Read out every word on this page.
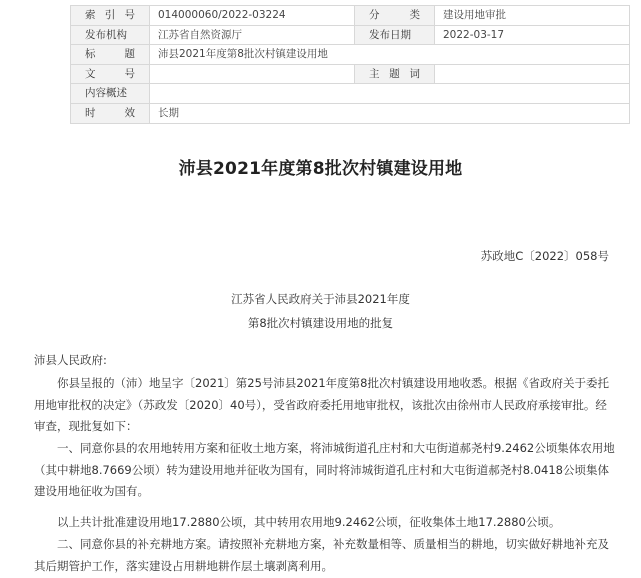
索 引 号	014000060/2022-03224	分 类	建设用地审批

发布机构	江苏省自然资源厅	发布日期	2022-03-17

标 题	沛县2021年度第8批次村镇建设用地		

文 号		主 题 词	

内容概述			

时 效	长期		
沛县2021年度第8批次村镇建设用地
苏政地C〔2022〕058号
江苏省人民政府关于沛县2021年度
第8批次村镇建设用地的批复
沛县人民政府:
你县呈报的（沛）地呈字〔2021〕第25号沛县2021年度第8批次村镇建设用地收悉。根据《省政府关于委托用地审批权的决定》（苏政发〔2020〕40号），受省政府委托用地审批权，该批次由徐州市人民政府承接审批。经审查，现批复如下：
一、同意你县的农用地转用方案和征收土地方案，将沛城街道孔庄村和大屯街道郝尧村9.2462公顷集体农用地（其中耕地8.7669公顷）转为建设用地并征收为国有，同时将沛城街道孔庄村和大屯街道郝尧村8.0418公顷集体建设用地征收为国有。
以上共计批准建设用地17.2880公顷，其中转用农用地9.2462公顷，征收集体土地17.2880公顷。
二、同意你县的补充耕地方案。请按照补充耕地方案，补充数量相等、质量相当的耕地，切实做好耕地补充及其后期管护工作，落实建设占用耕地耕作层土壤剥离利用。
